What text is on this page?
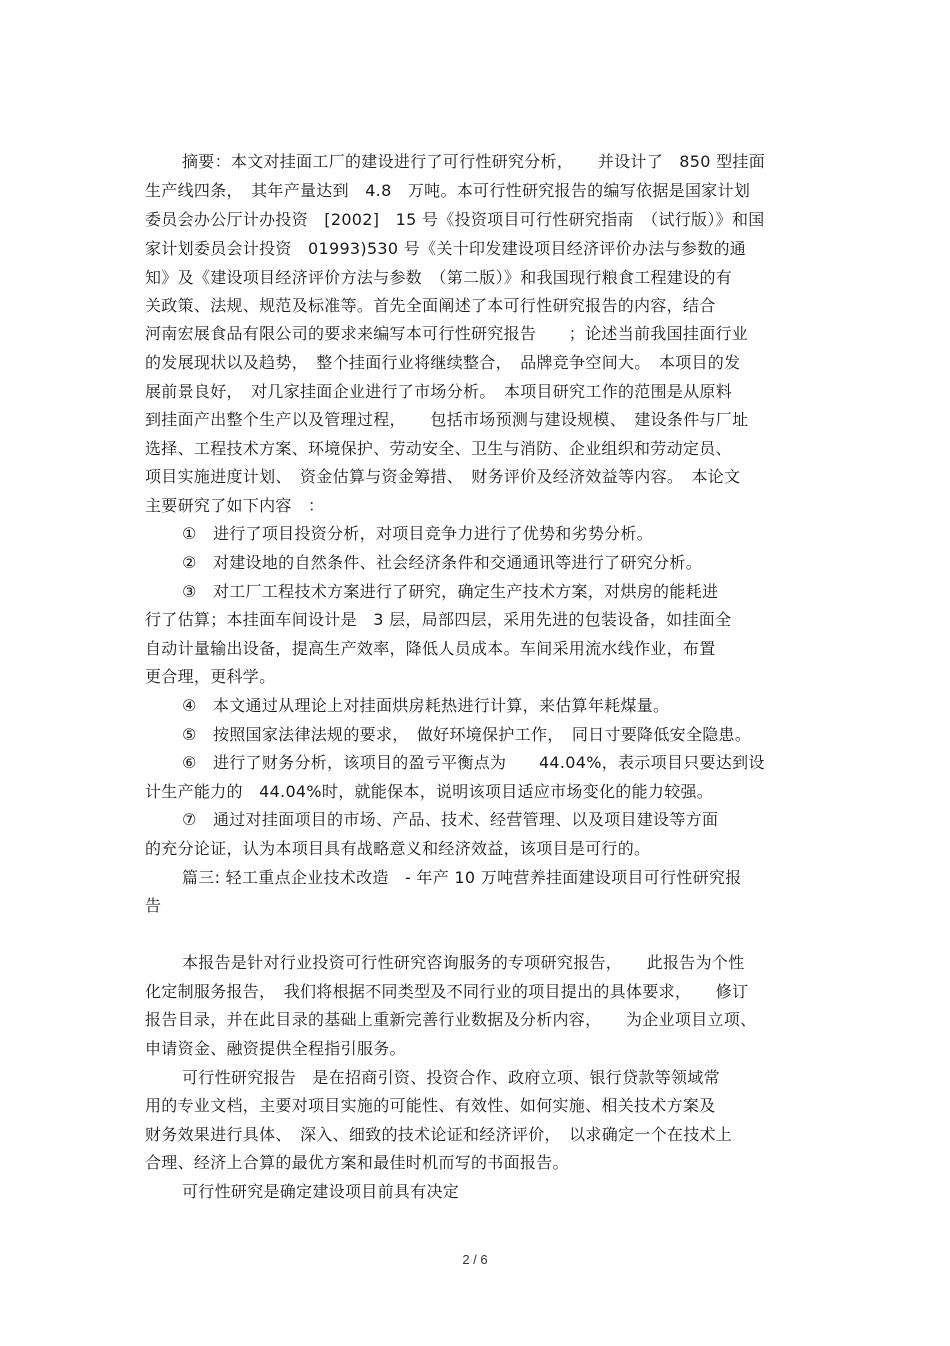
摘要：本文对挂面工厂的建设进行了可行性研究分析，　　并设计了　850 型挂面
生产线四条，　其年产量达到　4.8　万吨。本可行性研究报告的编写依据是国家计划
委员会办公厅计办投资　[2002]　15 号《投资项目可行性研究指南　（试行版）》和国
家计划委员会计投资　01993)530 号《关十印发建设项目经济评价办法与参数的通
知》及《建设项目经济评价方法与参数　（第二版）》和我国现行粮食工程建设的有
关政策、法规、规范及标准等。首先全面阐述了本可行性研究报告的内容，结合
河南宏展食品有限公司的要求来编写本可行性研究报告　　；论述当前我国挂面行业
的发展现状以及趋势，　整个挂面行业将继续整合，　品牌竞争空间大。　本项目的发
展前景良好，　对几家挂面企业进行了市场分析。　本项目研究工作的范围是从原料
到挂面产出整个生产以及管理过程，　　包括市场预测与建设规模、　建设条件与厂址
选择、工程技术方案、环境保护、劳动安全、卫生与消防、企业组织和劳动定员、
项目实施进度计划、　资金估算与资金筹措、　财务评价及经济效益等内容。　本论文
主要研究了如下内容　：
①　进行了项目投资分析，对项目竞争力进行了优势和劣势分析。
②　对建设地的自然条件、社会经济条件和交通通讯等进行了研究分析。
③　对工厂工程技术方案进行了研究，确定生产技术方案，对烘房的能耗进
行了估算；本挂面车间设计是　3 层，局部四层，采用先进的包装设备，如挂面全
自动计量输出设备，提高生产效率，降低人员成本。车间采用流水线作业，布置
更合理，更科学。
④　本文通过从理论上对挂面烘房耗热进行计算，来估算年耗煤量。
⑤　按照国家法律法规的要求，　做好环境保护工作，　同日寸要降低安全隐患。
⑥　进行了财务分析，该项目的盈亏平衡点为　　44.04%，表示项目只要达到设
计生产能力的　44.04%时，就能保本，说明该项目适应市场变化的能力较强。
⑦　通过对挂面项目的市场、产品、技术、经营管理、以及项目建设等方面
的充分论证，认为本项目具有战略意义和经济效益，该项目是可行的。
篇三: 轻工重点企业技术改造　- 年产 10 万吨营养挂面建设项目可行性研究报
告
本报告是针对行业投资可行性研究咨询服务的专项研究报告，　　此报告为个性
化定制服务报告，　我们将根据不同类型及不同行业的项目提出的具体要求，　　修订
报告目录，并在此目录的基础上重新完善行业数据及分析内容，　　为企业项目立项、
申请资金、融资提供全程指引服务。
可行性研究报告　是在招商引资、投资合作、政府立项、银行贷款等领域常
用的专业文档，主要对项目实施的可能性、有效性、如何实施、相关技术方案及
财务效果进行具体、　深入、细致的技术论证和经济评价，　以求确定一个在技术上
合理、经济上合算的最优方案和最佳时机而写的书面报告。
可行性研究是确定建设项目前具有决定
2 / 6
